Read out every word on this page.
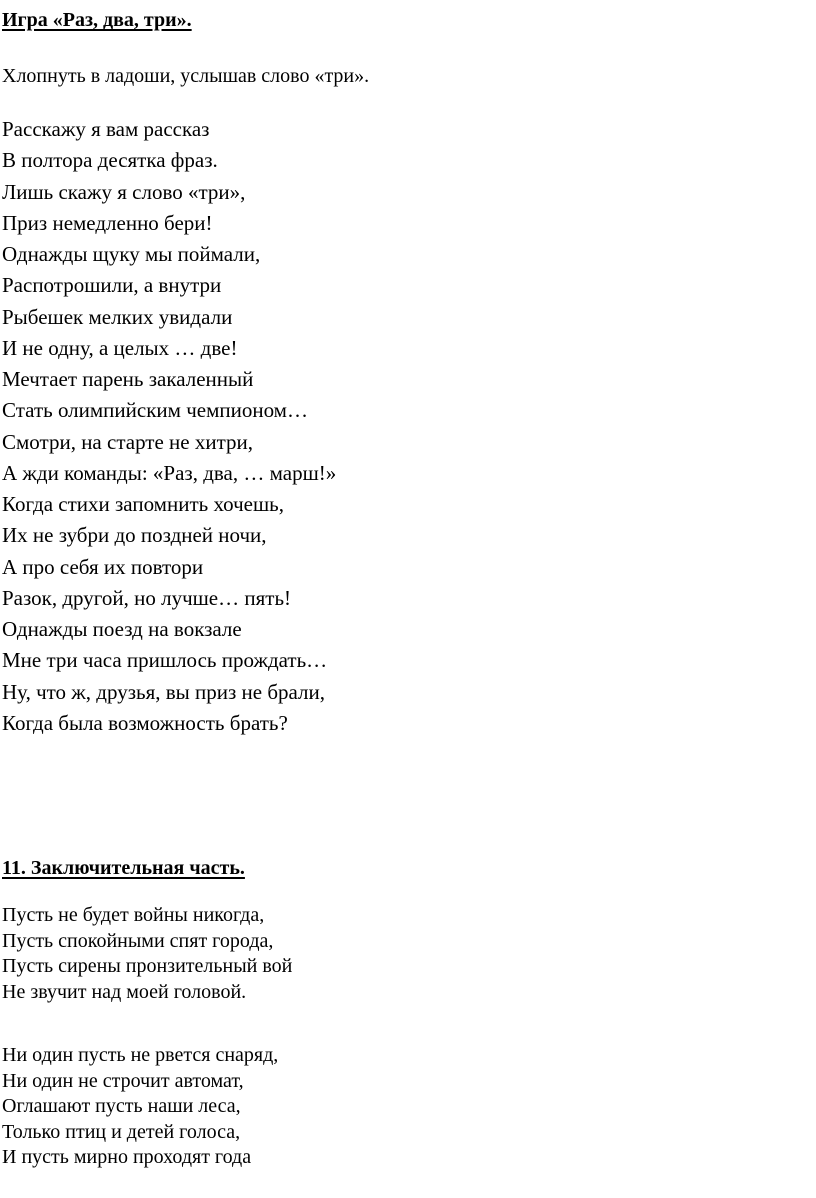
Игра «Раз, два, три».

Хлопнуть в ладоши, услышав слово «три».

Расскажу я вам рассказ
В полтора десятка фраз.
Лишь скажу я слово «три»,
Приз немедленно бери!
Однажды щуку мы поймали,
Распотрошили, а внутри
Рыбешек мелких увидали
И не одну, а целых … две!
Мечтает парень закаленный
Стать олимпийским чемпионом…
Смотри, на старте не хитри,
А жди команды: «Раз, два, … марш!»
Когда стихи запомнить хочешь,
Их не зубри до поздней ночи,
А про себя их повтори
Разок, другой, но лучше… пять!
Однажды поезд на вокзале
Мне три часа пришлось прождать…
Ну, что ж, друзья, вы приз не брали,
Когда была возможность брать?
11. Заключительная часть.
Пусть не будет войны никогда,
Пусть спокойными спят города,
Пусть сирены пронзительный вой
Не звучит над моей головой.
Ни один пусть не рвется снаряд,
Ни один не строчит автомат,
Оглашают пусть наши леса,
Только птиц и детей голоса,
И пусть мирно проходят года
